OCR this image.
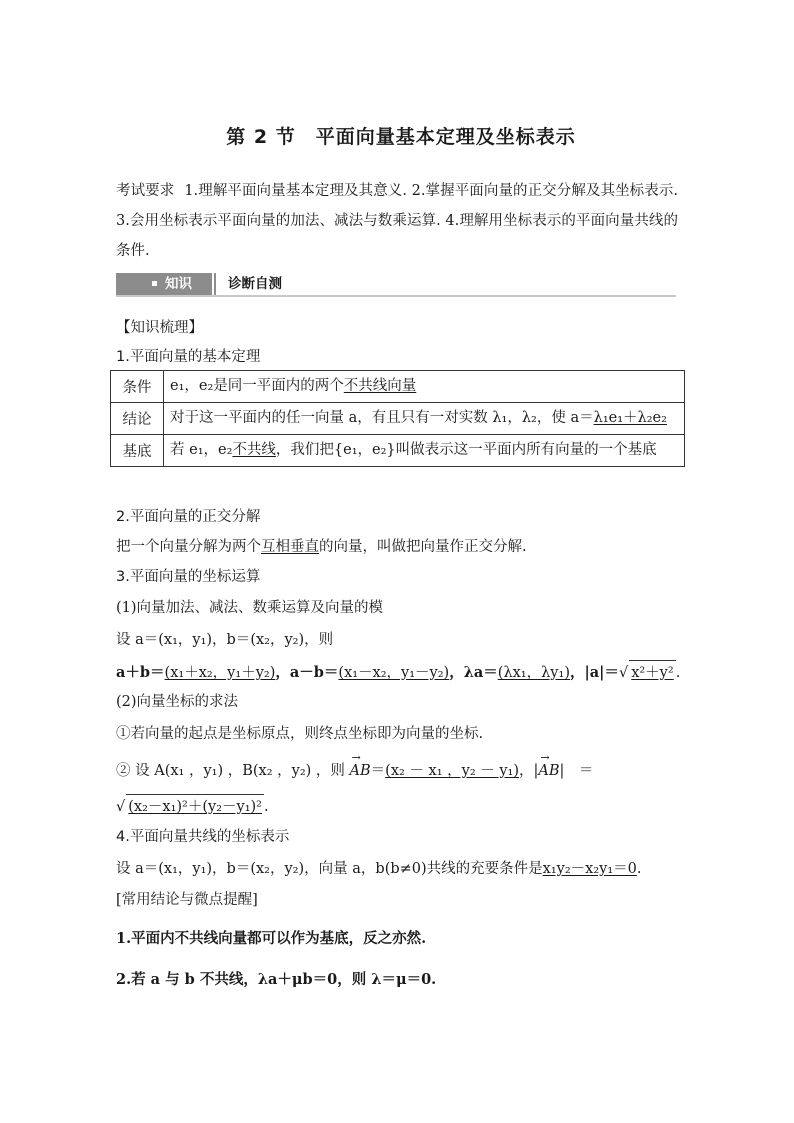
第 2 节　平面向量基本定理及坐标表示
考试要求 1.理解平面向量基本定理及其意义. 2.掌握平面向量的正交分解及其坐标表示. 3.会用坐标表示平面向量的加法、减法与数乘运算. 4.理解用坐标表示的平面向量共线的条件.
知识	诊断自测
【知识梳理】
1.平面向量的基本定理
条件	e₁，e₂是同一平面内的两个不共线向量
结论	对于这一平面内的任一向量 a，有且只有一对实数 λ₁，λ₂，使 a＝λ₁e₁＋λ₂e₂
基底	若 e₁，e₂不共线，我们把{e₁，e₂}叫做表示这一平面内所有向量的一个基底
2.平面向量的正交分解
把一个向量分解为两个互相垂直的向量，叫做把向量作正交分解.
3.平面向量的坐标运算
(1)向量加法、减法、数乘运算及向量的模
设 a＝(x₁，y₁)，b＝(x₂，y₂)，则
a＋b＝(x₁＋x₂，y₁＋y₂)，a－b＝(x₁－x₂，y₁－y₂)，λa＝(λx₁，λy₁)，|a|＝√ x²＋y² .
(2)向量坐标的求法
①若向量的起点是坐标原点，则终点坐标即为向量的坐标.
② 设 A(x₁ ，y₁) ，B(x₂ ，y₂) ，则 → AB＝(x₂ － x₁ ，y₂ － y₁)，|→ AB|　＝
√ (x₂－x₁)²＋(y₂－y₁)² .
4.平面向量共线的坐标表示
设 a＝(x₁，y₁)，b＝(x₂，y₂)，向量 a，b(b≠0)共线的充要条件是x₁y₂－x₂y₁＝0.
[常用结论与微点提醒]
1.平面内不共线向量都可以作为基底，反之亦然.
2.若 a 与 b 不共线，λa＋μb＝0，则 λ＝μ＝0.
